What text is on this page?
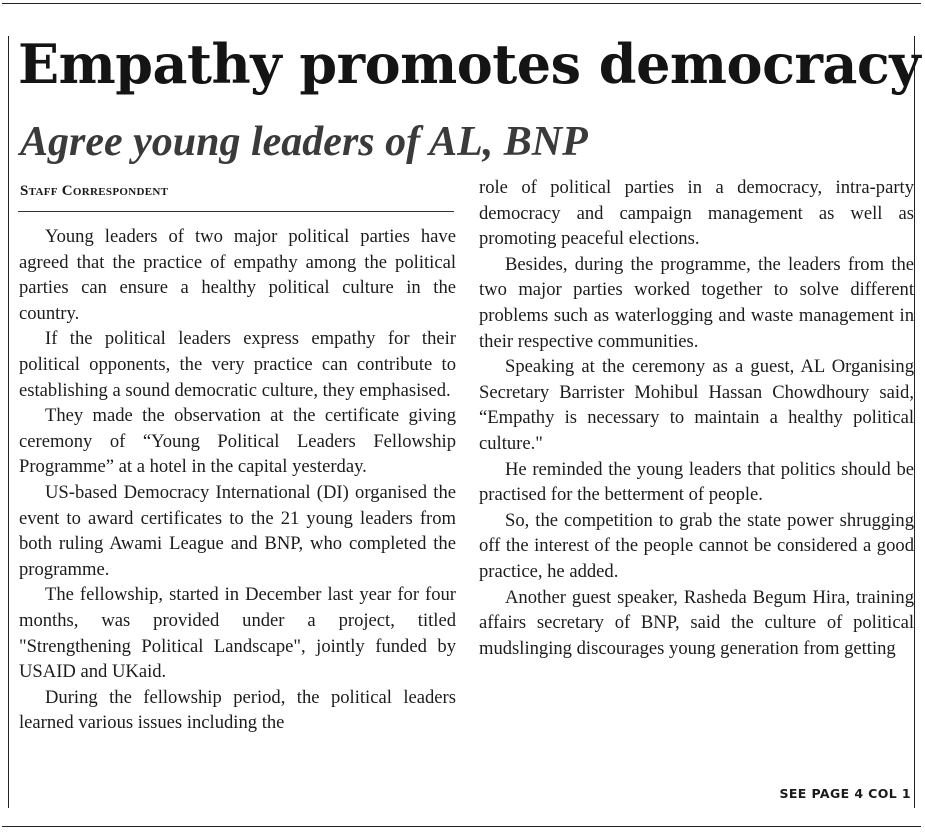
Empathy promotes democracy
Agree young leaders of AL, BNP
Staff Correspondent

Young leaders of two major political parties have agreed that the practice of empathy among the political parties can ensure a healthy political culture in the country.

If the political leaders express empathy for their political opponents, the very practice can contribute to establishing a sound democratic culture, they emphasised.

They made the observation at the certificate giving ceremony of “Young Political Leaders Fellowship Programme” at a hotel in the capital yesterday.

US-based Democracy International (DI) organised the event to award certificates to the 21 young leaders from both ruling Awami League and BNP, who completed the programme.

The fellowship, started in December last year for four months, was provided under a project, titled "Strengthening Political Landscape", jointly funded by USAID and UKaid.

During the fellowship period, the political leaders learned various issues including the

role of political parties in a democracy, intra-party democracy and campaign management as well as promoting peaceful elections.

Besides, during the programme, the leaders from the two major parties worked together to solve different problems such as waterlogging and waste management in their respective communities.

Speaking at the ceremony as a guest, AL Organising Secretary Barrister Mohibul Hassan Chowdhoury said, “Empathy is necessary to maintain a healthy political culture."

He reminded the young leaders that politics should be practised for the betterment of people.

So, the competition to grab the state power shrugging off the interest of the people cannot be considered a good practice, he added.

Another guest speaker, Rasheda Begum Hira, training affairs secretary of BNP, said the culture of political mudslinging discourages young generation from getting

SEE PAGE 4 COL 1
